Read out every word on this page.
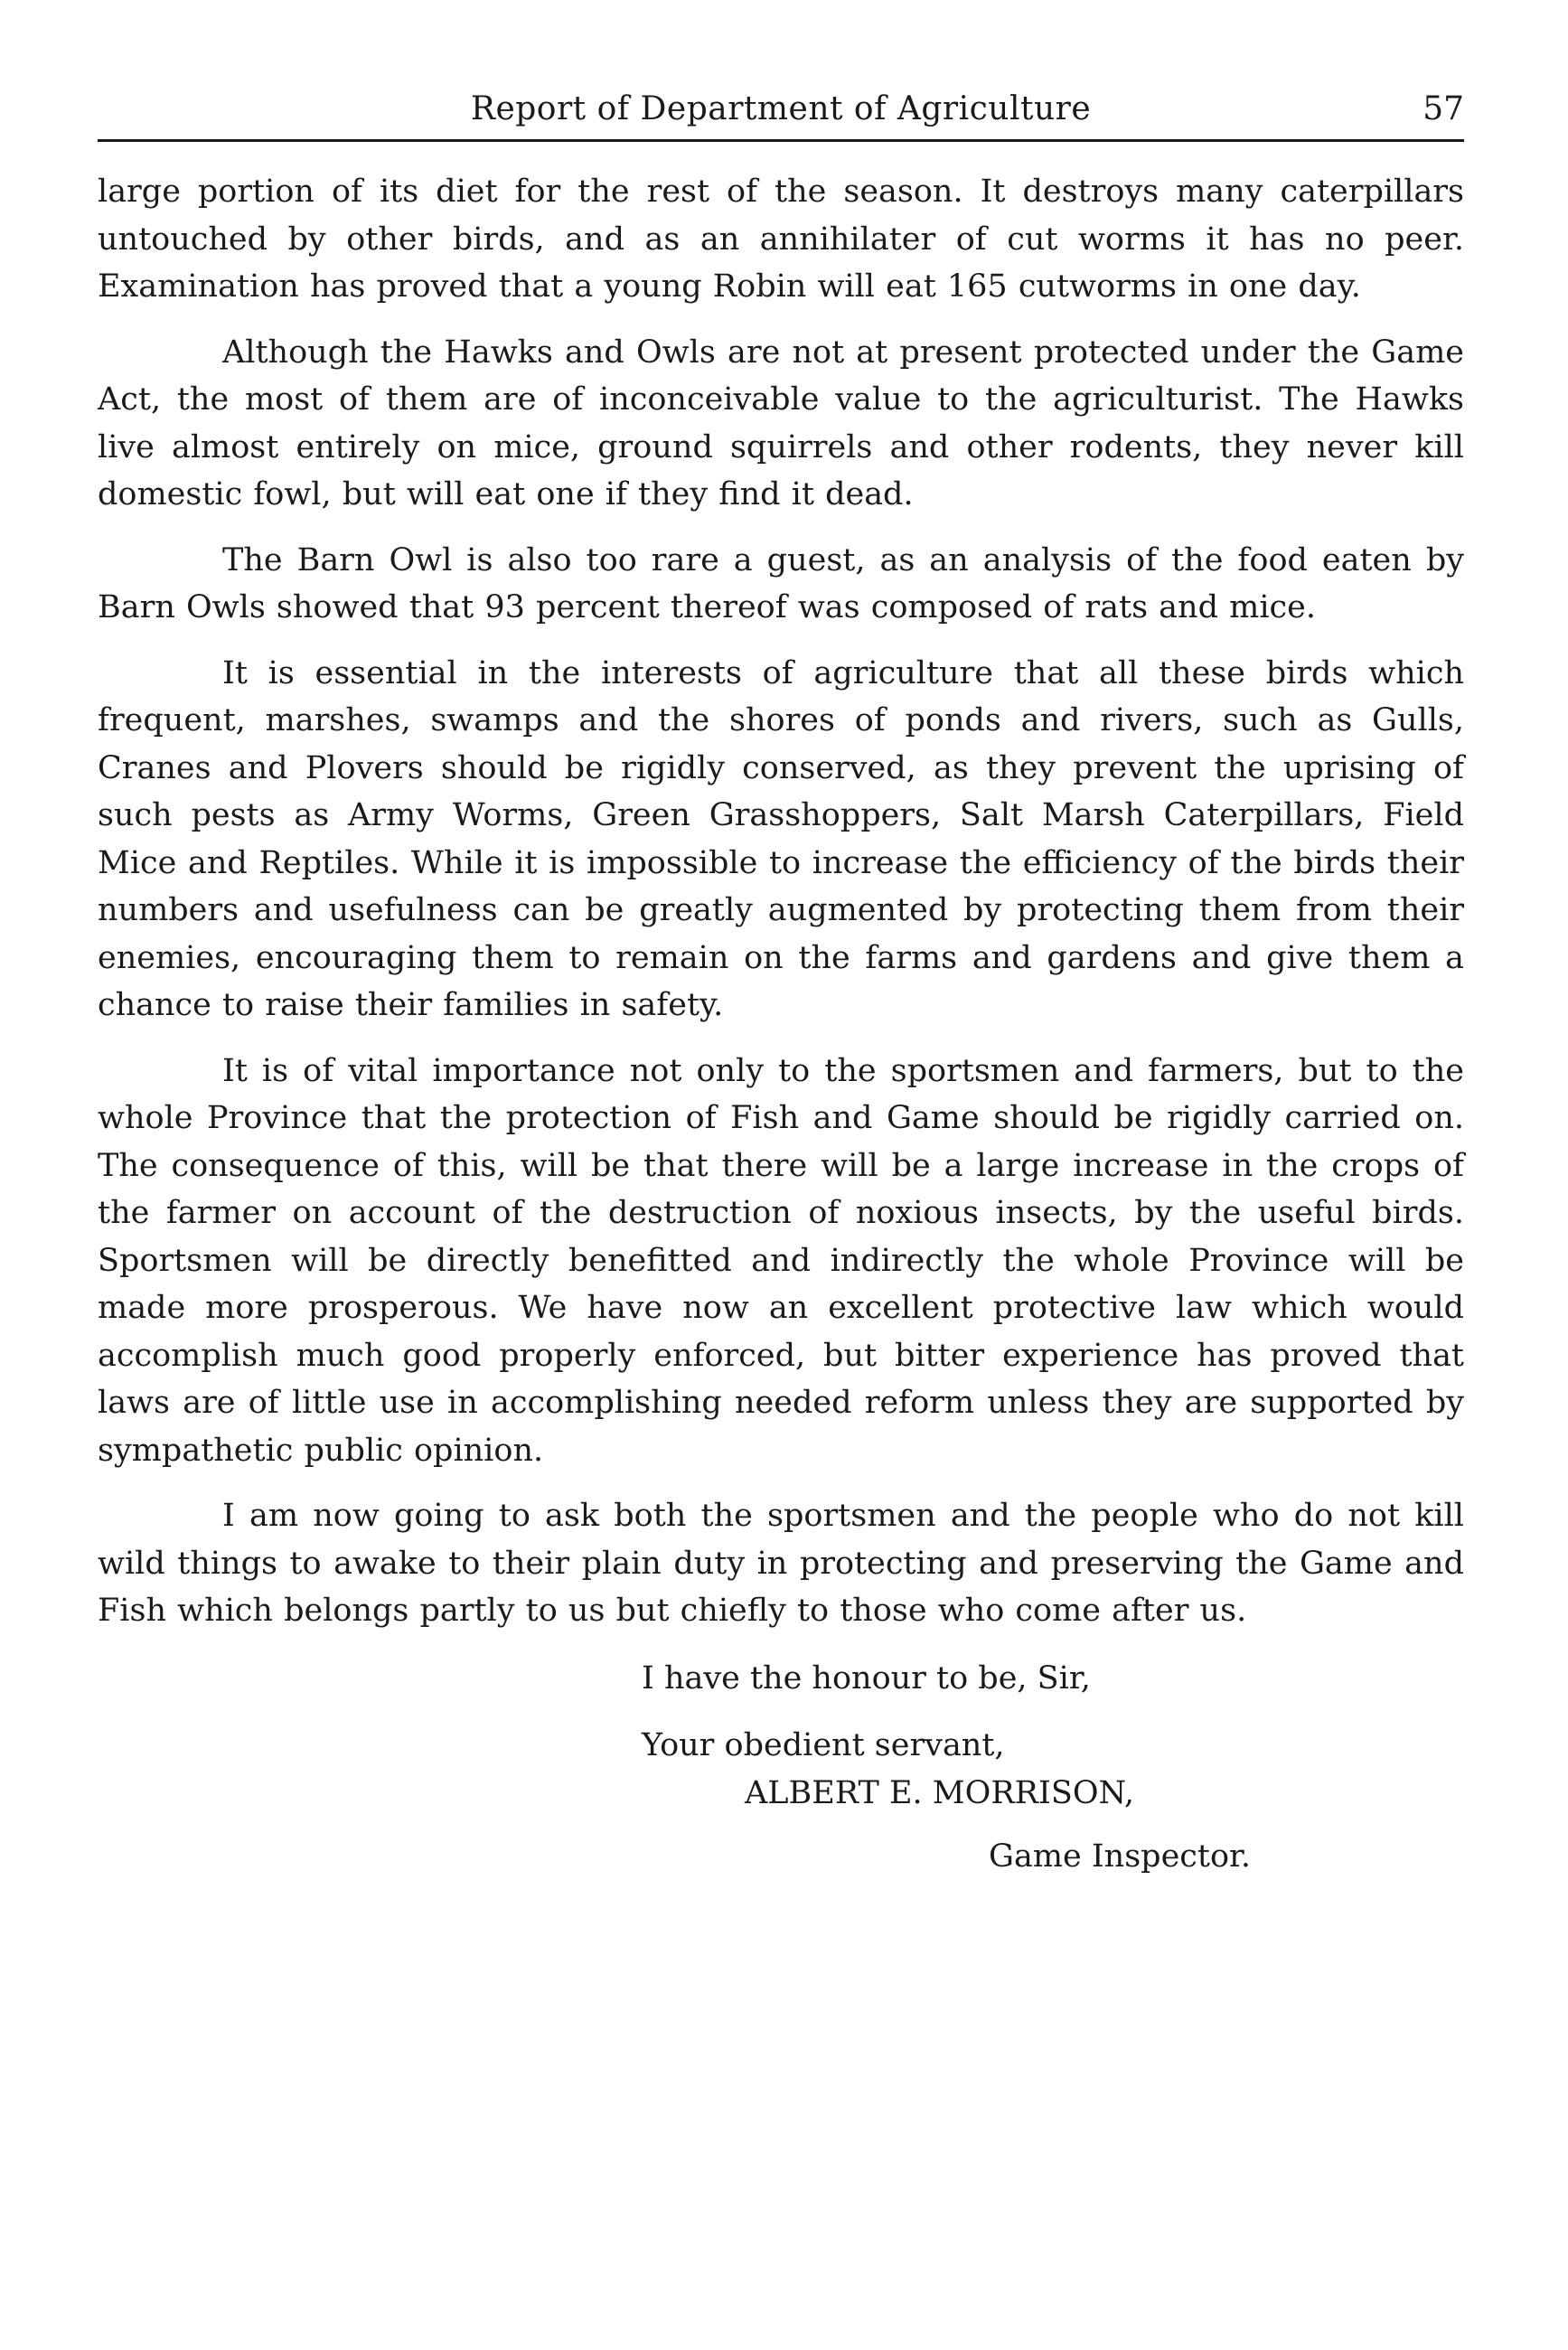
Report of Department of Agriculture	57

large portion of its diet for the rest of the season. It destroys many caterpillars untouched by other birds, and as an annihilater of cut worms it has no peer. Examination has proved that a young Robin will eat 165 cutworms in one day.

Although the Hawks and Owls are not at present protected under the Game Act, the most of them are of inconceivable value to the agriculturist. The Hawks live almost entirely on mice, ground squirrels and other rodents, they never kill domestic fowl, but will eat one if they find it dead.

The Barn Owl is also too rare a guest, as an analysis of the food eaten by Barn Owls showed that 93 percent thereof was composed of rats and mice.

It is essential in the interests of agriculture that all these birds which frequent, marshes, swamps and the shores of ponds and rivers, such as Gulls, Cranes and Plovers should be rigidly conserved, as they prevent the uprising of such pests as Army Worms, Green Grasshoppers, Salt Marsh Caterpillars, Field Mice and Reptiles. While it is impossible to increase the efficiency of the birds their numbers and usefulness can be greatly augmented by protecting them from their enemies, encouraging them to remain on the farms and gardens and give them a chance to raise their families in safety.

It is of vital importance not only to the sportsmen and farmers, but to the whole Province that the protection of Fish and Game should be rigidly carried on. The consequence of this, will be that there will be a large increase in the crops of the farmer on account of the destruction of noxious insects, by the useful birds. Sportsmen will be directly benefitted and indirectly the whole Province will be made more prosperous. We have now an excellent protective law which would accomplish much good properly enforced, but bitter experience has proved that laws are of little use in accomplishing needed reform unless they are supported by sympathetic public opinion.

I am now going to ask both the sportsmen and the people who do not kill wild things to awake to their plain duty in protecting and preserving the Game and Fish which belongs partly to us but chiefly to those who come after us.

I have the honour to be, Sir,
Your obedient servant,
ALBERT E. MORRISON,
Game Inspector.
